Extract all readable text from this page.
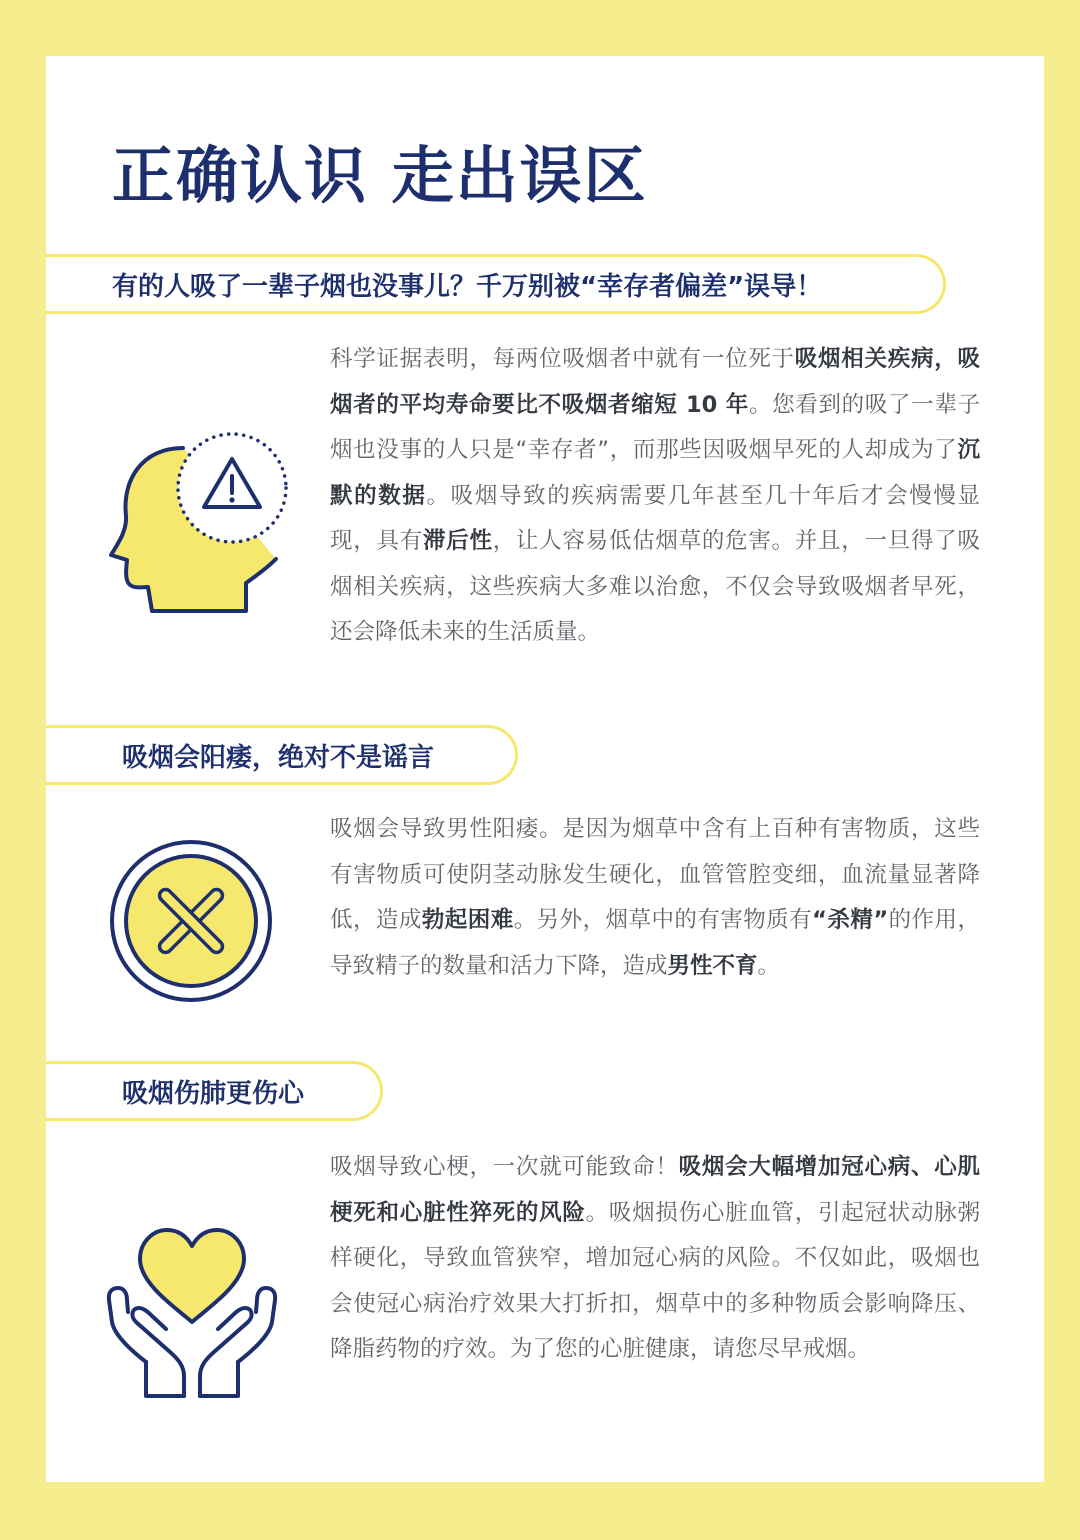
正确认识 走出误区
有的人吸了一辈子烟也没事儿？千万别被“幸存者偏差”误导！

科学证据表明，每两位吸烟者中就有一位死于吸烟相关疾病，吸烟者的平均寿命要比不吸烟者缩短 10 年。您看到的吸了一辈子烟也没事的人只是“幸存者”，而那些因吸烟早死的人却成为了沉默的数据。吸烟导致的疾病需要几年甚至几十年后才会慢慢显现，具有滞后性，让人容易低估烟草的危害。并且，一旦得了吸烟相关疾病，这些疾病大多难以治愈，不仅会导致吸烟者早死，还会降低未来的生活质量。

吸烟会阳痿，绝对不是谣言

吸烟会导致男性阳痿。是因为烟草中含有上百种有害物质，这些有害物质可使阴茎动脉发生硬化，血管管腔变细，血流量显著降低，造成勃起困难。另外，烟草中的有害物质有“杀精”的作用，导致精子的数量和活力下降，造成男性不育。

吸烟伤肺更伤心

吸烟导致心梗，一次就可能致命！吸烟会大幅增加冠心病、心肌梗死和心脏性猝死的风险。吸烟损伤心脏血管，引起冠状动脉粥样硬化，导致血管狭窄，增加冠心病的风险。不仅如此，吸烟也会使冠心病治疗效果大打折扣，烟草中的多种物质会影响降压、降脂药物的疗效。为了您的心脏健康，请您尽早戒烟。
